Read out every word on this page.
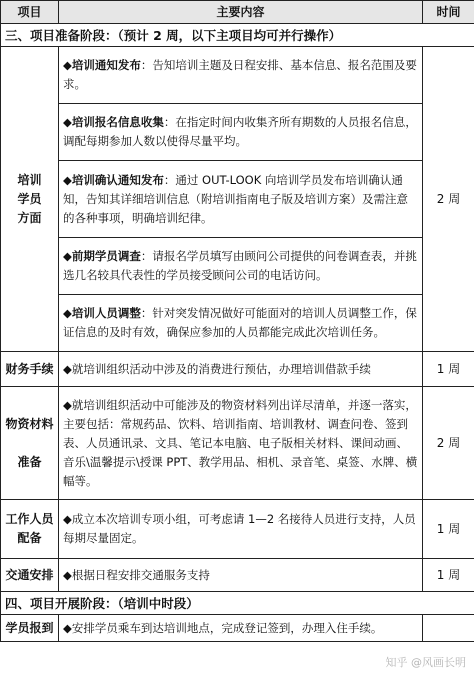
项目	主要内容	时间
三、项目准备阶段：（预计 2 周，以下主项目均可并行操作）		

培训
学员
方面	◆培训通知发布：告知培训主题及日程安排、基本信息、报名范围及要求。	2 周
	◆培训报名信息收集：在指定时间内收集齐所有期数的人员报名信息，调配每期参加人数以使得尽量平均。	
	◆培训确认通知发布：通过 OUT-LOOK 向培训学员发布培训确认通知，告知其详细培训信息（附培训指南电子版及培训方案）及需注意的各种事项，明确培训纪律。	
	◆前期学员调查：请报名学员填写由顾问公司提供的问卷调查表，并挑选几名较具代表性的学员接受顾问公司的电话访问。	
	◆培训人员调整：针对突发情况做好可能面对的培训人员调整工作，保证信息的及时有效，确保应参加的人员都能完成此次培训任务。	
财务手续	◆就培训组织活动中涉及的消费进行预估，办理培训借款手续	1 周

物资材料
准备	◆就培训组织活动中可能涉及的物资材料列出详尽清单，并逐一落实，主要包括：常规药品、饮料、培训指南、培训教材、调查问卷、签到表、人员通讯录、文具、笔记本电脑、电子版相关材料、课间动画、音乐\温馨提示\授课 PPT、教学用品、相机、录音笔、桌签、水牌、横幅等。	2 周

工作人员
配备	◆成立本次培训专项小组，可考虑请 1—2 名接待人员进行支持，人员每期尽量固定。	1 周
交通安排	◆根据日程安排交通服务支持	1 周
四、项目开展阶段：（培训中时段）		
学员报到	◆安排学员乘车到达培训地点，完成登记签到，办理入住手续。	
知乎 @风画长明
